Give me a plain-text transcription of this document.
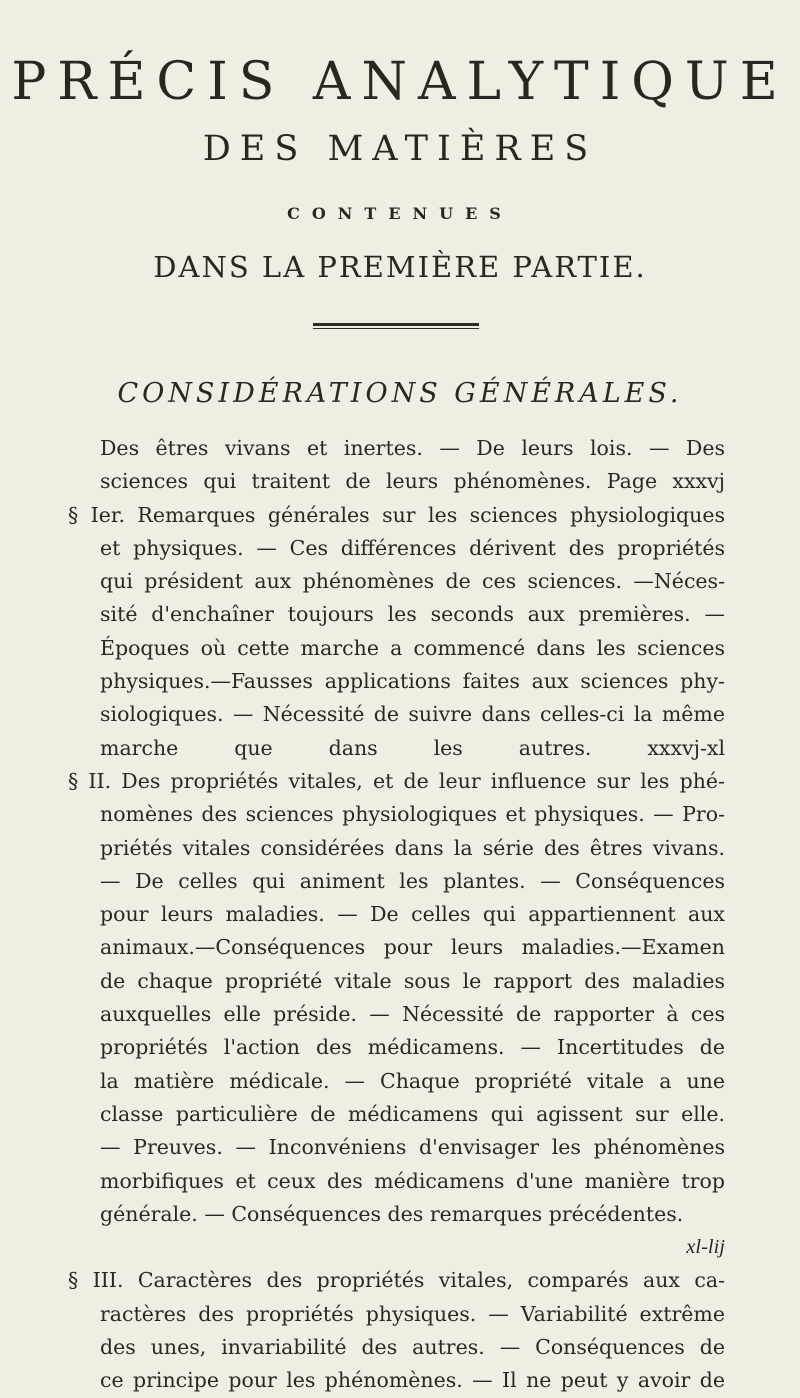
PRÉCIS ANALYTIQUE
DES MATIÈRES
CONTENUES
DANS LA PREMIÈRE PARTIE.
CONSIDÉRATIONS GÉNÉRALES.
Des êtres vivans et inertes. — De leurs lois. — Des
sciences qui traitent de leurs phénomènes. Page xxxvj
§ Ier. Remarques générales sur les sciences physiologiques
et physiques. — Ces différences dérivent des propriétés
qui président aux phénomènes de ces sciences. —Néces-
sité d'enchaîner toujours les seconds aux premières. —
Époques où cette marche a commencé dans les sciences
physiques.—Fausses applications faites aux sciences phy-
siologiques. — Nécessité de suivre dans celles-ci la même
marche que dans les autres. xxxvj-xl
§ II. Des propriétés vitales, et de leur influence sur les phé-
nomènes des sciences physiologiques et physiques. — Pro-
priétés vitales considérées dans la série des êtres vivans.
— De celles qui animent les plantes. — Conséquences
pour leurs maladies. — De celles qui appartiennent aux
animaux.—Conséquences pour leurs maladies.—Examen
de chaque propriété vitale sous le rapport des maladies
auxquelles elle préside. — Nécessité de rapporter à ces
propriétés l'action des médicamens. — Incertitudes de
la matière médicale. — Chaque propriété vitale a une
classe particulière de médicamens qui agissent sur elle.
— Preuves. — Inconvéniens d'envisager les phénomènes
morbifiques et ceux des médicamens d'une manière trop
générale. — Conséquences des remarques précédentes.
xl-lij
§ III. Caractères des propriétés vitales, comparés aux ca-
ractères des propriétés physiques. — Variabilité extrême
des unes, invariabilité des autres. — Conséquences de
ce principe pour les phénomènes. — Il ne peut y avoir de
